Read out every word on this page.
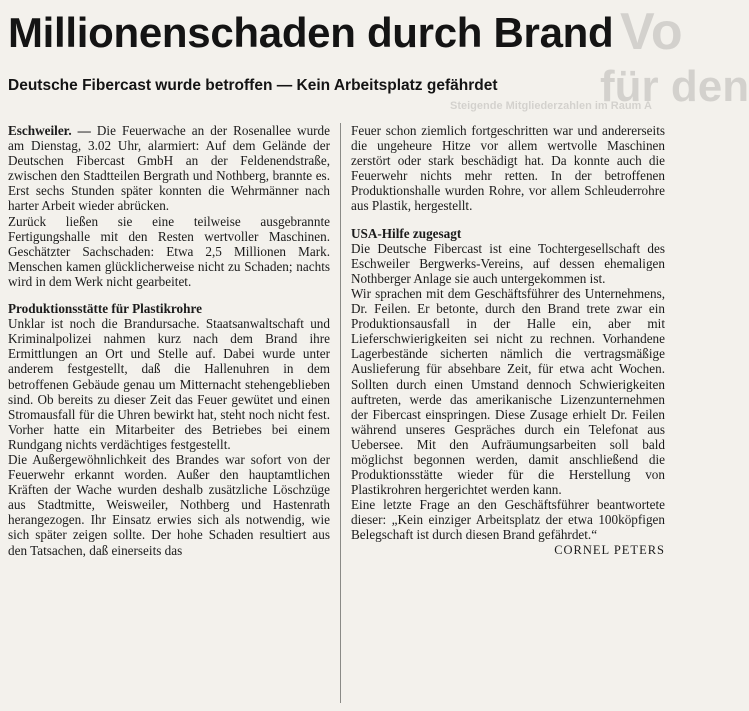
Vo
für den
Steigende Mitgliederzahlen im Raum A
Millionenschaden durch Brand
Deutsche Fibercast wurde betroffen — Kein Arbeitsplatz gefährdet

Eschweiler. — Die Feuerwache an der Rosenallee wurde am Dienstag, 3.02 Uhr, alarmiert: Auf dem Gelände der Deutschen Fibercast GmbH an der Feldenendstraße, zwischen den Stadtteilen Bergrath und Nothberg, brannte es. Erst sechs Stunden später konnten die Wehrmänner nach harter Arbeit wieder abrücken.

Zurück ließen sie eine teilweise ausgebrannte Fertigungshalle mit den Resten wertvoller Maschinen. Geschätzter Sachschaden: Etwa 2,5 Millionen Mark. Menschen kamen glücklicherweise nicht zu Schaden; nachts wird in dem Werk nicht gearbeitet.

Produktionsstätte für Plastikrohre

Unklar ist noch die Brandursache. Staatsanwaltschaft und Kriminalpolizei nahmen kurz nach dem Brand ihre Ermittlungen an Ort und Stelle auf. Dabei wurde unter anderem festgestellt, daß die Hallenuhren in dem betroffenen Gebäude genau um Mitternacht stehengeblieben sind. Ob bereits zu dieser Zeit das Feuer gewütet und einen Stromausfall für die Uhren bewirkt hat, steht noch nicht fest. Vorher hatte ein Mitarbeiter des Betriebes bei einem Rundgang nichts verdächtiges festgestellt.

Die Außergewöhnlichkeit des Brandes war sofort von der Feuerwehr erkannt worden. Außer den hauptamtlichen Kräften der Wache wurden deshalb zusätzliche Löschzüge aus Stadtmitte, Weisweiler, Nothberg und Hastenrath herangezogen. Ihr Einsatz erwies sich als notwendig, wie sich später zeigen sollte. Der hohe Schaden resultiert aus den Tatsachen, daß einerseits das

Feuer schon ziemlich fortgeschritten war und andererseits die ungeheure Hitze vor allem wertvolle Maschinen zerstört oder stark beschädigt hat. Da konnte auch die Feuerwehr nichts mehr retten. In der betroffenen Produktionshalle wurden Rohre, vor allem Schleuderrohre aus Plastik, hergestellt.

USA-Hilfe zugesagt

Die Deutsche Fibercast ist eine Tochtergesellschaft des Eschweiler Bergwerks-Vereins, auf dessen ehemaligen Nothberger Anlage sie auch untergekommen ist.

Wir sprachen mit dem Geschäftsführer des Unternehmens, Dr. Feilen. Er betonte, durch den Brand trete zwar ein Produktionsausfall in der Halle ein, aber mit Lieferschwierigkeiten sei nicht zu rechnen. Vorhandene Lagerbestände sicherten nämlich die vertragsmäßige Auslieferung für absehbare Zeit, für etwa acht Wochen. Sollten durch einen Umstand dennoch Schwierigkeiten auftreten, werde das amerikanische Lizenzunternehmen der Fibercast einspringen. Diese Zusage erhielt Dr. Feilen während unseres Gespräches durch ein Telefonat aus Uebersee. Mit den Aufräumungsarbeiten soll bald möglichst begonnen werden, damit anschließend die Produktionsstätte wieder für die Herstellung von Plastikrohren hergerichtet werden kann.

Eine letzte Frage an den Geschäftsführer beantwortete dieser: „Kein einziger Arbeitsplatz der etwa 100köpfigen Belegschaft ist durch diesen Brand gefährdet.“

CORNEL PETERS
